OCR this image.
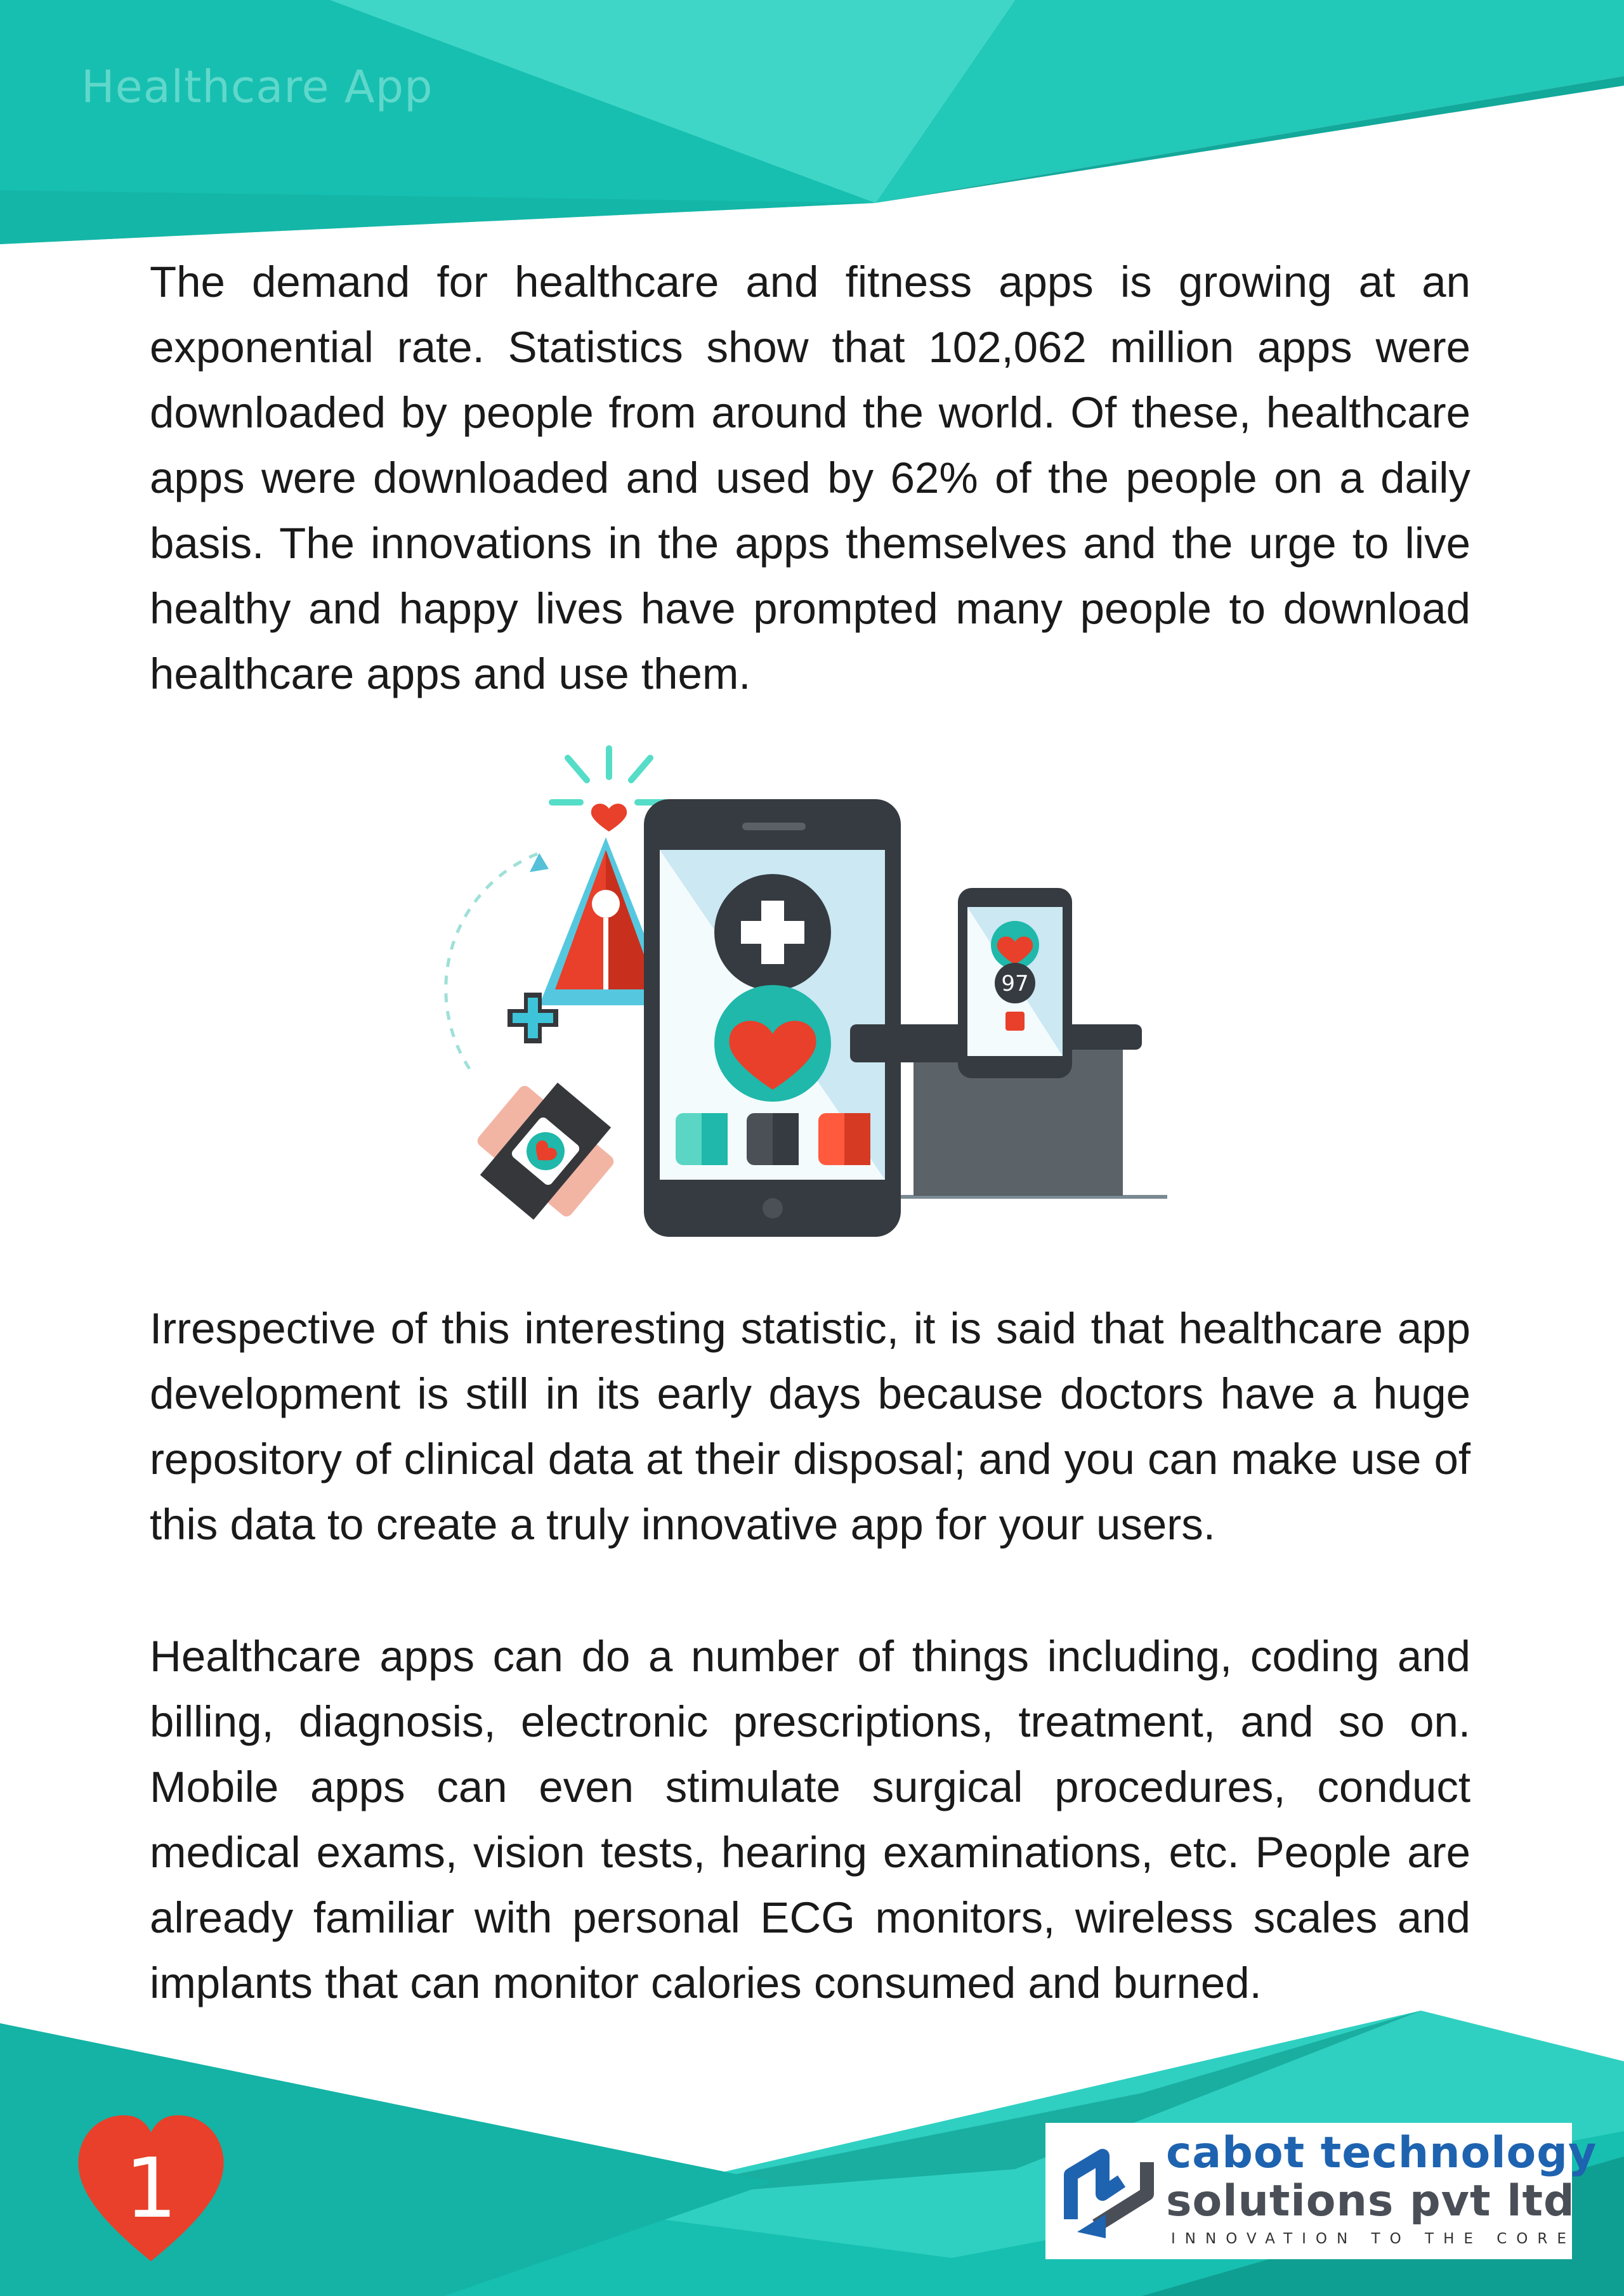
Healthcare App

The demand for healthcare and fitness apps is growing at an exponential rate. Statistics show that 102,062 million apps were downloaded by people from around the world. Of these, healthcare apps were downloaded and used by 62% of the people on a daily basis. The innovations in the apps themselves and the urge to live healthy and happy lives have prompted many people to download healthcare apps and use them.

97

Irrespective of this interesting statistic, it is said that healthcare app development is still in its early days because doctors have a huge repository of clinical data at their disposal; and you can make use of this data to create a truly innovative app for your users.

Healthcare apps can do a number of things including, coding and billing, diagnosis, electronic prescriptions, treatment, and so on. Mobile apps can even stimulate surgical procedures, conduct medical exams, vision tests, hearing examinations, etc. People are already familiar with personal ECG monitors, wireless scales and implants that can monitor calories consumed and burned.

1	cabot technology
solutions pvt ltd
INNOVATION TO THE CORE
